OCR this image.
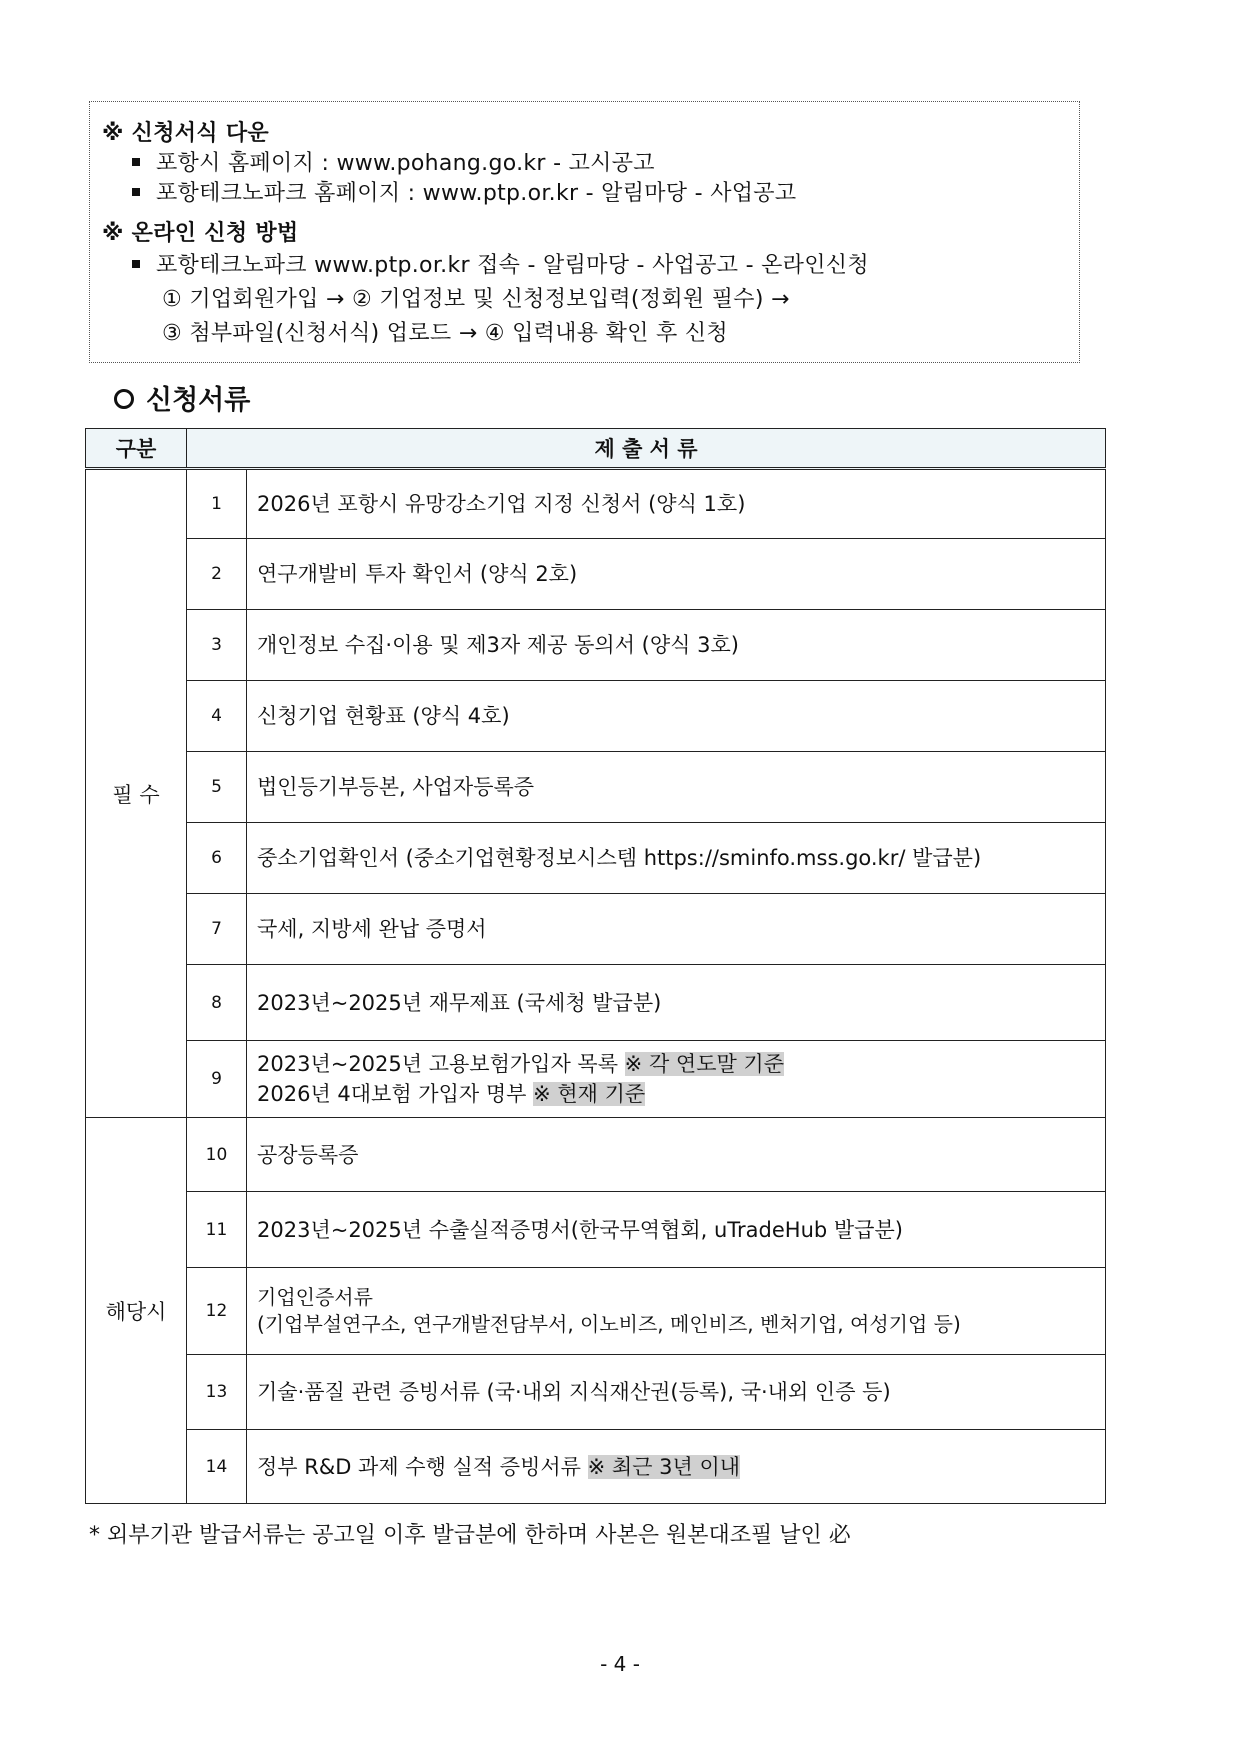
※ 신청서식 다운
포항시 홈페이지 : www.pohang.go.kr - 고시공고
포항테크노파크 홈페이지 : www.ptp.or.kr - 알림마당 - 사업공고
※ 온라인 신청 방법
포항테크노파크 www.ptp.or.kr 접속 - 알림마당 - 사업공고 - 온라인신청
① 기업회원가입 → ② 기업정보 및 신청정보입력(정회원 필수) →
③ 첨부파일(신청서식) 업로드 → ④ 입력내용 확인 후 신청
신청서류
구분	제 출 서 류	
필 수	1	2026년 포항시 유망강소기업 지정 신청서 (양식 1호)
	2	연구개발비 투자 확인서 (양식 2호)
	3	개인정보 수집·이용 및 제3자 제공 동의서 (양식 3호)
	4	신청기업 현황표 (양식 4호)
	5	법인등기부등본, 사업자등록증
	6	중소기업확인서 (중소기업현황정보시스템 https://sminfo.mss.go.kr/ 발급분)
	7	국세, 지방세 완납 증명서
	8	2023년~2025년 재무제표 (국세청 발급분)
	9	2023년~2025년 고용보험가입자 목록 ※ 각 연도말 기준
2026년 4대보험 가입자 명부 ※ 현재 기준

해당시	10	공장등록증
	11	2023년~2025년 수출실적증명서(한국무역협회, uTradeHub 발급분)
	12	기업인증서류
(기업부설연구소, 연구개발전담부서, 이노비즈, 메인비즈, 벤처기업, 여성기업 등)

	13	기술·품질 관련 증빙서류 (국·내외 지식재산권(등록), 국·내외 인증 등)
	14	정부 R&D 과제 수행 실적 증빙서류 ※ 최근 3년 이내
* 외부기관 발급서류는 공고일 이후 발급분에 한하며 사본은 원본대조필 날인 必
- 4 -
